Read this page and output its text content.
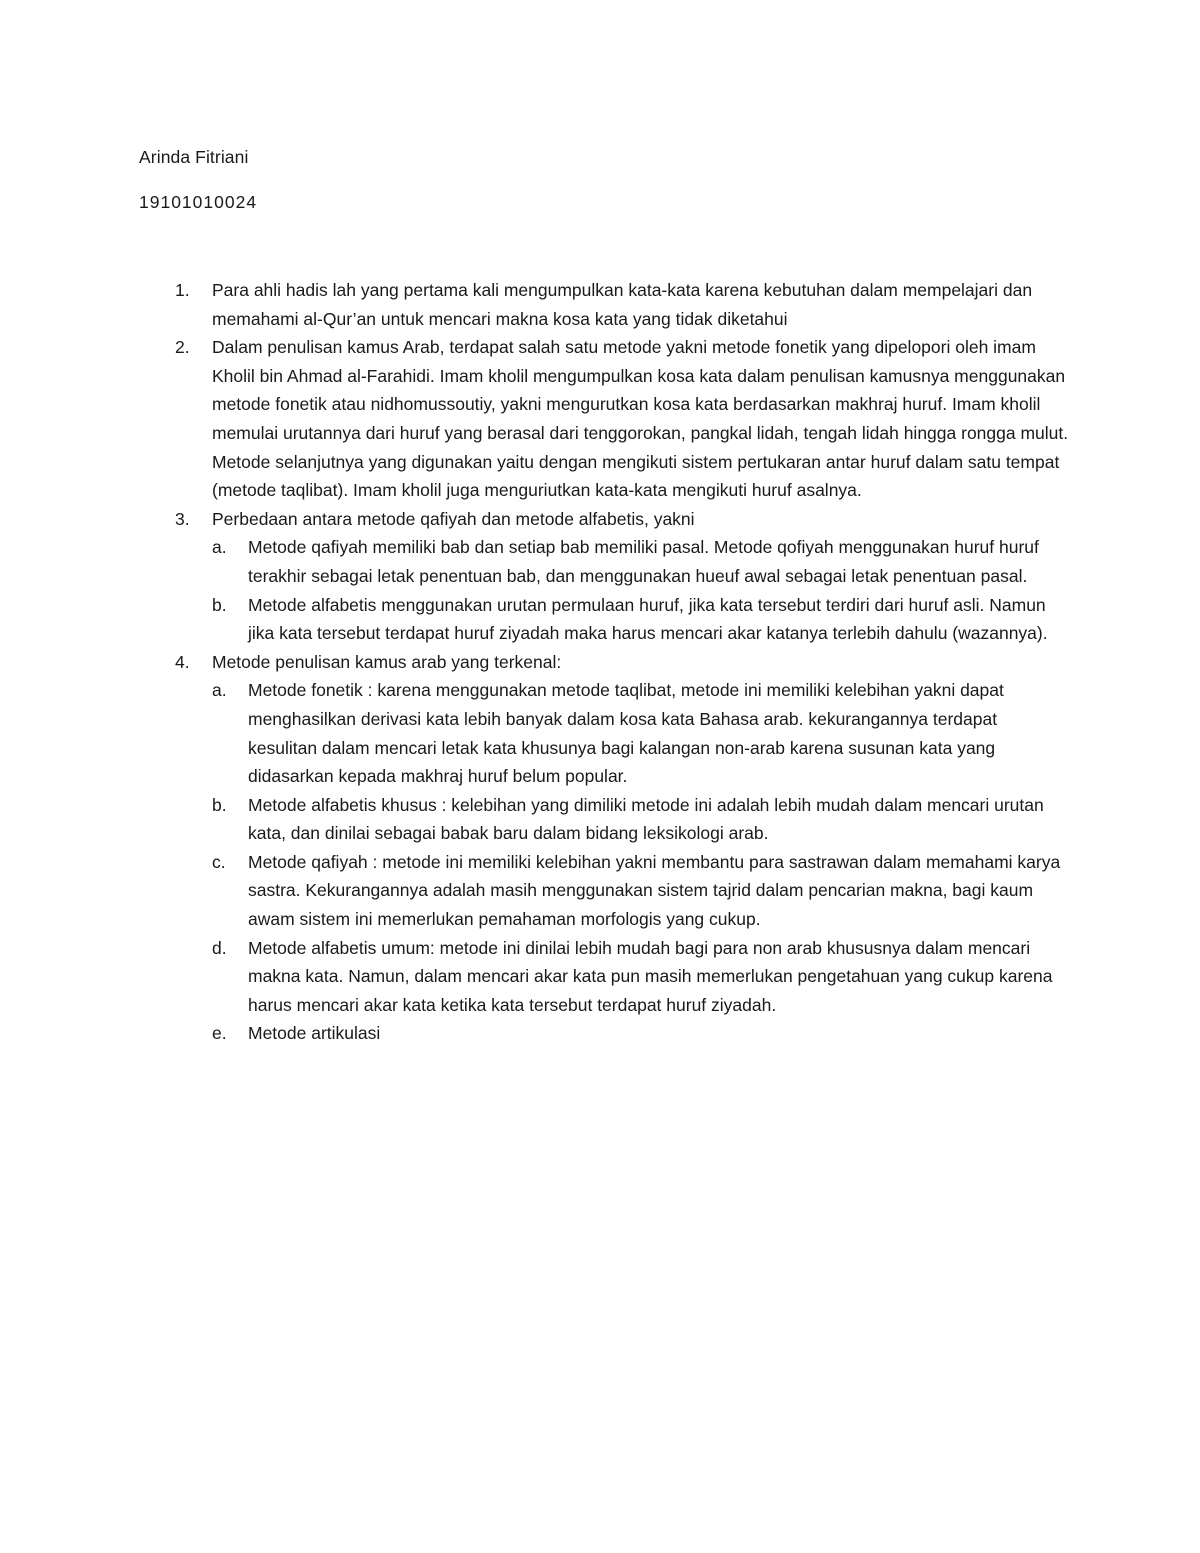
Arinda Fitriani
19101010024
1. Para ahli hadis lah yang pertama kali mengumpulkan kata-kata karena kebutuhan dalam mempelajari dan memahami al-Qur’an untuk mencari makna kosa kata yang tidak diketahui
2. Dalam penulisan kamus Arab, terdapat salah satu metode yakni metode fonetik yang dipelopori oleh imam Kholil bin Ahmad al-Farahidi. Imam kholil mengumpulkan kosa kata dalam penulisan kamusnya menggunakan metode fonetik atau nidhomussoutiy, yakni mengurutkan kosa kata berdasarkan makhraj huruf. Imam kholil memulai urutannya dari huruf yang berasal dari tenggorokan, pangkal lidah, tengah lidah hingga rongga mulut. Metode selanjutnya yang digunakan yaitu dengan mengikuti sistem pertukaran antar huruf dalam satu tempat (metode taqlibat). Imam kholil juga menguriutkan kata-kata mengikuti huruf asalnya.
3. Perbedaan antara metode qafiyah dan metode alfabetis, yakni
a. Metode qafiyah memiliki bab dan setiap bab memiliki pasal. Metode qofiyah menggunakan huruf huruf terakhir sebagai letak penentuan bab, dan menggunakan hueuf awal sebagai letak penentuan pasal.
b. Metode alfabetis menggunakan urutan permulaan huruf, jika kata tersebut terdiri dari huruf asli. Namun jika kata tersebut terdapat huruf ziyadah maka harus mencari akar katanya terlebih dahulu (wazannya).
4. Metode penulisan kamus arab yang terkenal:
a. Metode fonetik : karena menggunakan metode taqlibat, metode ini memiliki kelebihan yakni dapat menghasilkan derivasi kata lebih banyak dalam kosa kata Bahasa arab. kekurangannya terdapat kesulitan dalam mencari letak kata khusunya bagi kalangan non-arab karena susunan kata yang didasarkan kepada makhraj huruf belum popular.
b. Metode alfabetis khusus : kelebihan yang dimiliki metode ini adalah lebih mudah dalam mencari urutan kata, dan dinilai sebagai babak baru dalam bidang leksikologi arab.
c. Metode qafiyah : metode ini memiliki kelebihan yakni membantu para sastrawan dalam memahami karya sastra. Kekurangannya adalah masih menggunakan sistem tajrid dalam pencarian makna, bagi kaum awam sistem ini memerlukan pemahaman morfologis yang cukup.
d. Metode alfabetis umum: metode ini dinilai lebih mudah bagi para non arab khususnya dalam mencari makna kata. Namun, dalam mencari akar kata pun masih memerlukan pengetahuan yang cukup karena harus mencari akar kata ketika kata tersebut terdapat huruf ziyadah.
e. Metode artikulasi
